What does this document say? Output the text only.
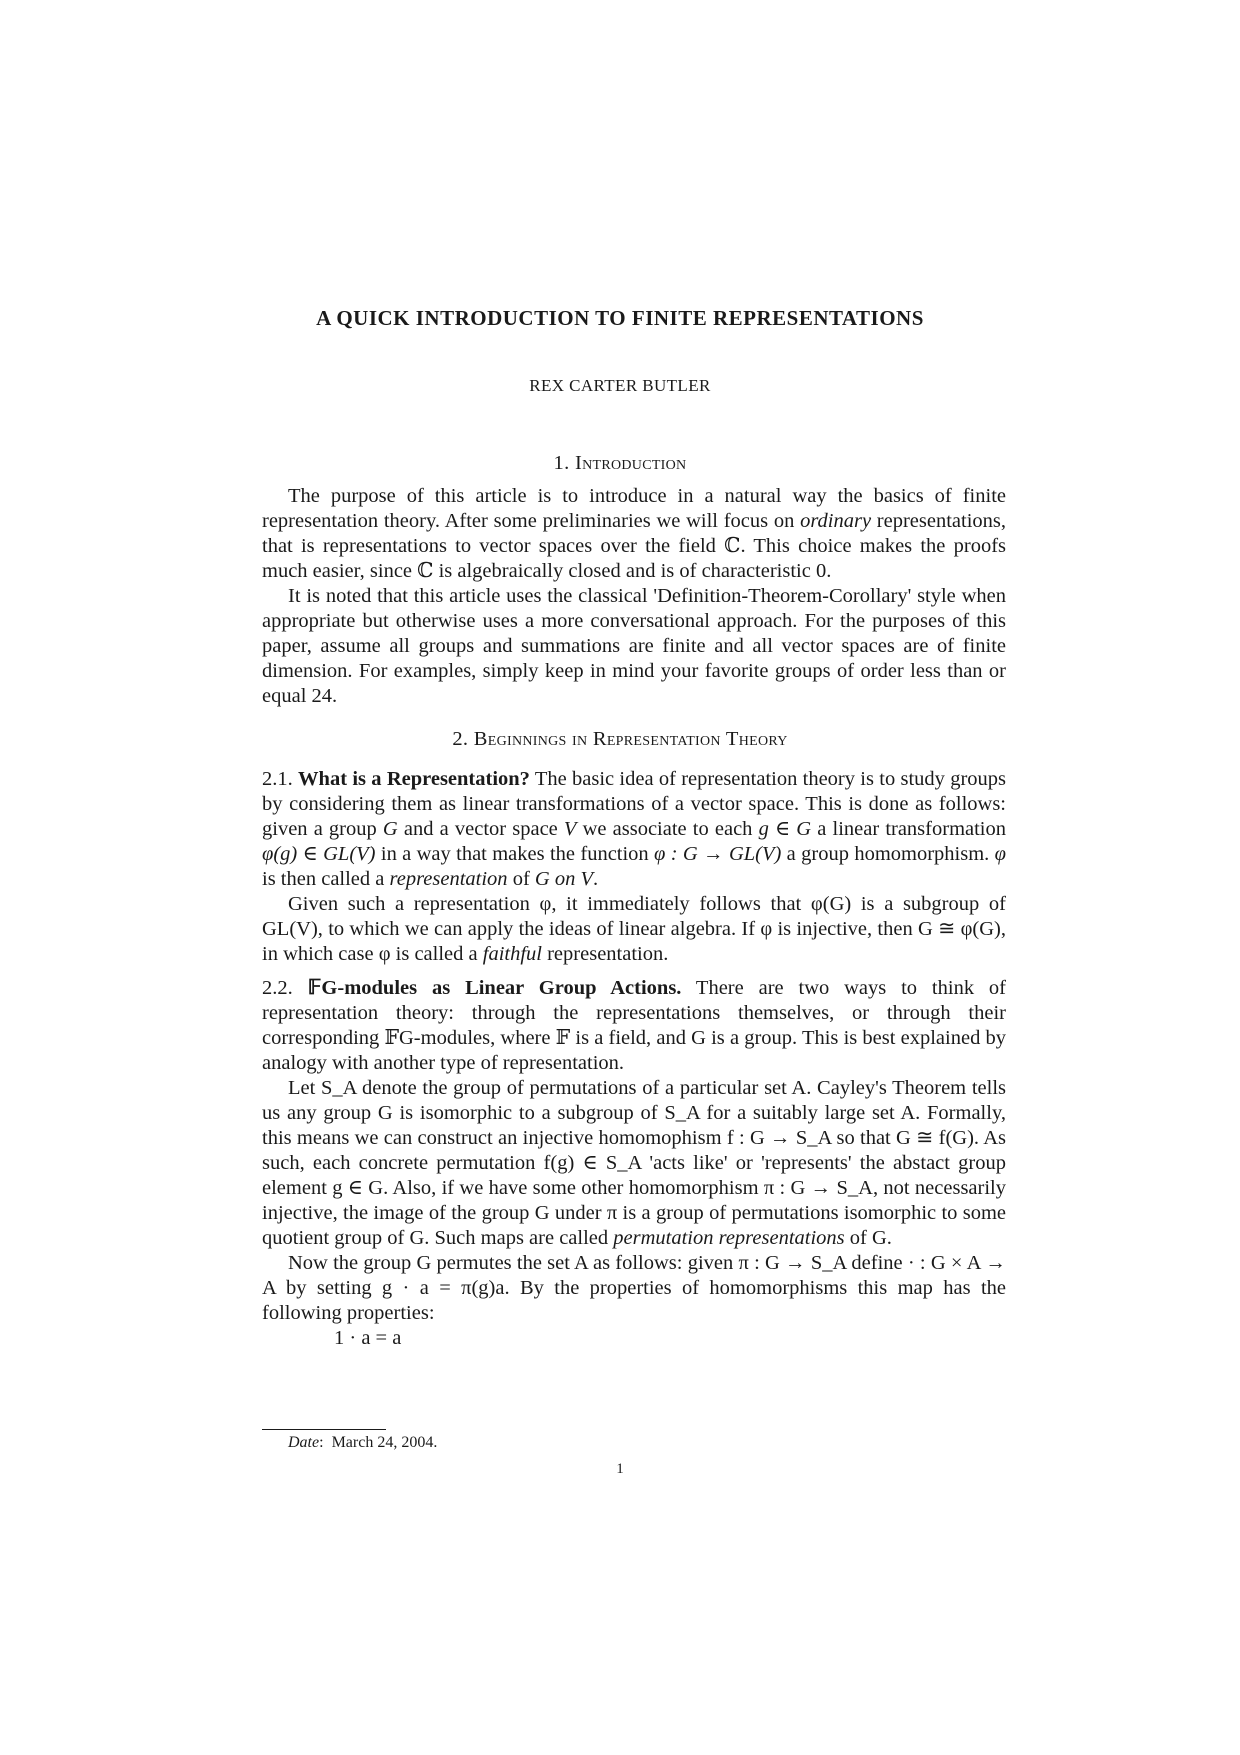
A QUICK INTRODUCTION TO FINITE REPRESENTATIONS
REX CARTER BUTLER
1. Introduction

The purpose of this article is to introduce in a natural way the basics of finite representation theory. After some preliminaries we will focus on ordinary representations, that is representations to vector spaces over the field ℂ. This choice makes the proofs much easier, since ℂ is algebraically closed and is of characteristic 0.

It is noted that this article uses the classical 'Definition-Theorem-Corollary' style when appropriate but otherwise uses a more conversational approach. For the purposes of this paper, assume all groups and summations are finite and all vector spaces are of finite dimension. For examples, simply keep in mind your favorite groups of order less than or equal 24.

2. Beginnings in Representation Theory

2.1. What is a Representation? The basic idea of representation theory is to study groups by considering them as linear transformations of a vector space. This is done as follows: given a group G and a vector space V we associate to each g ∈ G a linear transformation φ(g) ∈ GL(V) in a way that makes the function φ : G → GL(V) a group homomorphism. φ is then called a representation of G on V.

Given such a representation φ, it immediately follows that φ(G) is a subgroup of GL(V), to which we can apply the ideas of linear algebra. If φ is injective, then G ≅ φ(G), in which case φ is called a faithful representation.

2.2. 𝔽G-modules as Linear Group Actions. There are two ways to think of representation theory: through the representations themselves, or through their corresponding 𝔽G-modules, where 𝔽 is a field, and G is a group. This is best explained by analogy with another type of representation.

Let S_A denote the group of permutations of a particular set A. Cayley's Theorem tells us any group G is isomorphic to a subgroup of S_A for a suitably large set A. Formally, this means we can construct an injective homomophism f : G → S_A so that G ≅ f(G). As such, each concrete permutation f(g) ∈ S_A 'acts like' or 'represents' the abstact group element g ∈ G. Also, if we have some other homomorphism π : G → S_A, not necessarily injective, the image of the group G under π is a group of permutations isomorphic to some quotient group of G. Such maps are called permutation representations of G.

Now the group G permutes the set A as follows: given π : G → S_A define · : G × A → A by setting g · a = π(g)a. By the properties of homomorphisms this map has the following properties:

1 · a = a

Date:  March 24, 2004.
1
